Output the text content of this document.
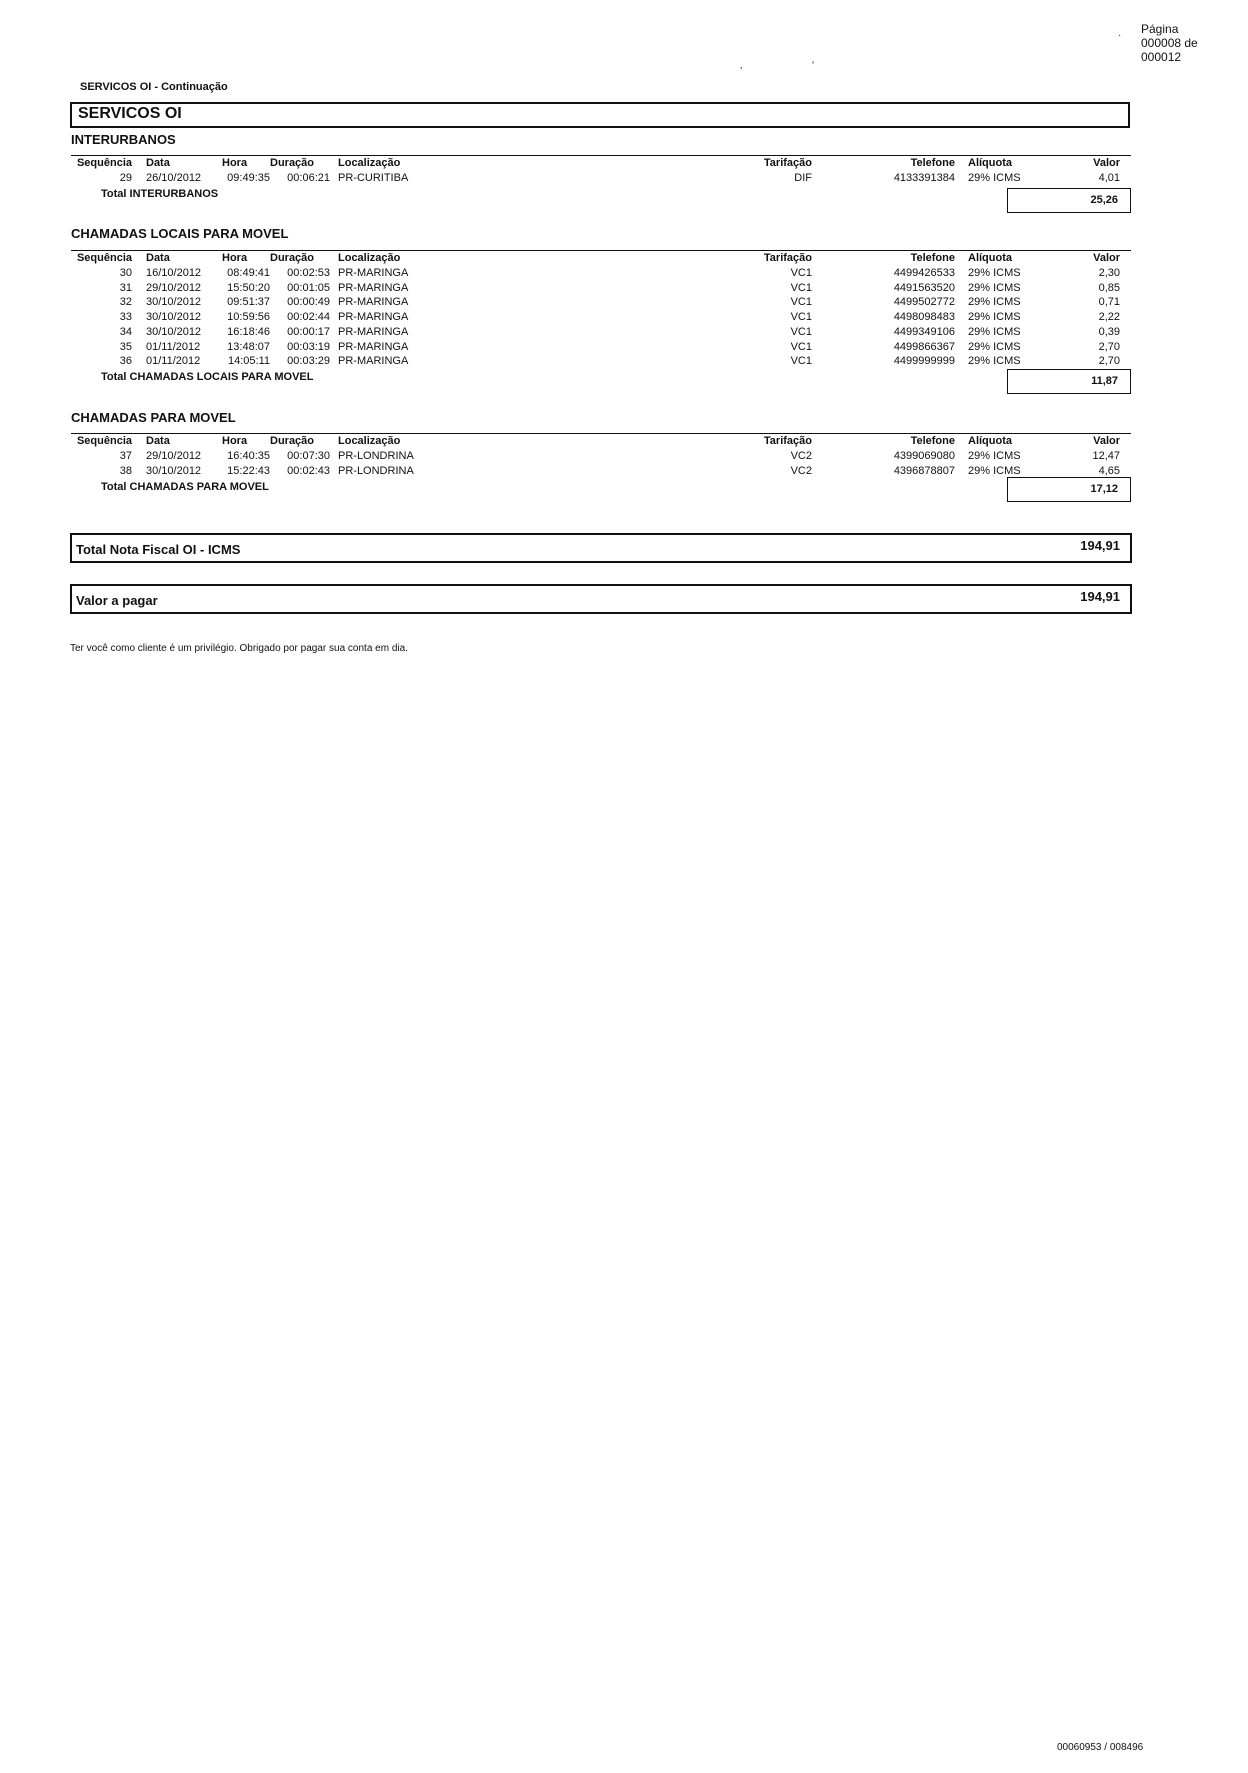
Página
000008 de
000012
·
‚	‘
SERVICOS OI - Continuação
SERVICOS OI
INTERURBANOS
Sequência Data	Hora	Duração	Localização	Tarifação	Telefone Alíquota	Valor
29 26/10/2012	09:49:35	00:06:21 PR-CURITIBA	DIF	4133391384 29% ICMS	4,01
Total INTERURBANOS	25,26
CHAMADAS LOCAIS PARA MOVEL
Sequência Data	Hora	Duração	Localização	Tarifação	Telefone Alíquota	Valor
30 16/10/2012	08:49:41	00:02:53 PR-MARINGA	VC1	4499426533 29% ICMS	2,30
31 29/10/2012	15:50:20	00:01:05 PR-MARINGA	VC1	4491563520 29% ICMS	0,85
32 30/10/2012	09:51:37	00:00:49 PR-MARINGA	VC1	4499502772 29% ICMS	0,71
33 30/10/2012	10:59:56	00:02:44 PR-MARINGA	VC1	4498098483 29% ICMS	2,22
34 30/10/2012	16:18:46	00:00:17 PR-MARINGA	VC1	4499349106 29% ICMS	0,39
35 01/11/2012	13:48:07	00:03:19 PR-MARINGA	VC1	4499866367 29% ICMS	2,70
36 01/11/2012	14:05:11	00:03:29 PR-MARINGA	VC1	4499999999 29% ICMS	2,70
Total CHAMADAS LOCAIS PARA MOVEL	11,87
CHAMADAS PARA MOVEL
Sequência Data	Hora	Duração	Localização	Tarifação	Telefone Alíquota	Valor
37 29/10/2012	16:40:35	00:07:30 PR-LONDRINA	VC2	4399069080 29% ICMS	12,47
38 30/10/2012	15:22:43	00:02:43 PR-LONDRINA	VC2	4396878807 29% ICMS	4,65
Total CHAMADAS PARA MOVEL	17,12
Total Nota Fiscal OI - ICMS	194,91
Valor a pagar	194,91
Ter você como cliente é um privilégio. Obrigado por pagar sua conta em dia.
00060953 / 008496
